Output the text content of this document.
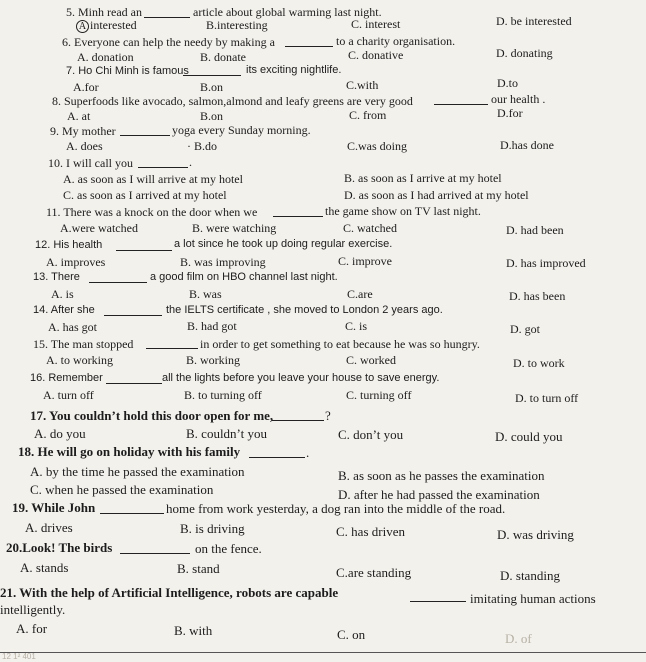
5. Minh read an	article about global warming last night.
A interested	B.interesting	C. interest	D. be interested
6. Everyone can help the needy by making a	to a charity organisation.
A. donation	B. donate	C. donative	D. donating
7. Ho Chi Minh is famous	its exciting nightlife.
A.for	B.on	C.with	D.to
8. Superfoods like avocado, salmon,almond and leafy greens are very good	our health .
A. at	B.on	C. from	D.for
9. My mother	yoga every Sunday morning.
A. does	· B.do	C.was doing	D.has done
10. I will call you	.
A. as soon as I will arrive at my hotel	B. as soon as I arrive at my hotel
C. as soon as I arrived at my hotel	D. as soon as I had arrived at my hotel
11. There was a knock on the door when we	the game show on TV last night.
A.were watched	B. were watching	C. watched	D. had been
12. His health	a lot since he took up doing regular exercise.
A. improves	B. was improving	C. improve	D. has improved
13. There	a good film on HBO channel last night.
A. is	B. was	C.are	D. has been
14. After she	the IELTS certificate , she moved to London 2 years ago.
A. has got	B. had got	C. is	D. got
15. The man stopped	in order to get something to eat because he was so hungry.
A. to working	B. working	C. worked	D. to work
16. Remember	all the lights before you leave your house to save energy.
A. turn off	B. to turning off	C. turning off	D. to turn off
17. You couldn’t hold this door open for me,	?
A. do you	B. couldn’t you	C. don’t you	D. could you
18. He will go on holiday with his family	.
A. by the time he passed the examination	B. as soon as he passes the examination
C. when he passed the examination	D. after he had passed the examination
19. While John	home from work yesterday, a dog ran into the middle of the road.
A. drives	B. is driving	C. has driven	D. was driving
20.Look! The birds	on the fence.
A. stands	B. stand	C.are standing	D. standing
21. With the help of Artificial Intelligence, robots are capable	imitating human actions
intelligently.
A. for	B. with	C. on	D. of
12 1² 401
